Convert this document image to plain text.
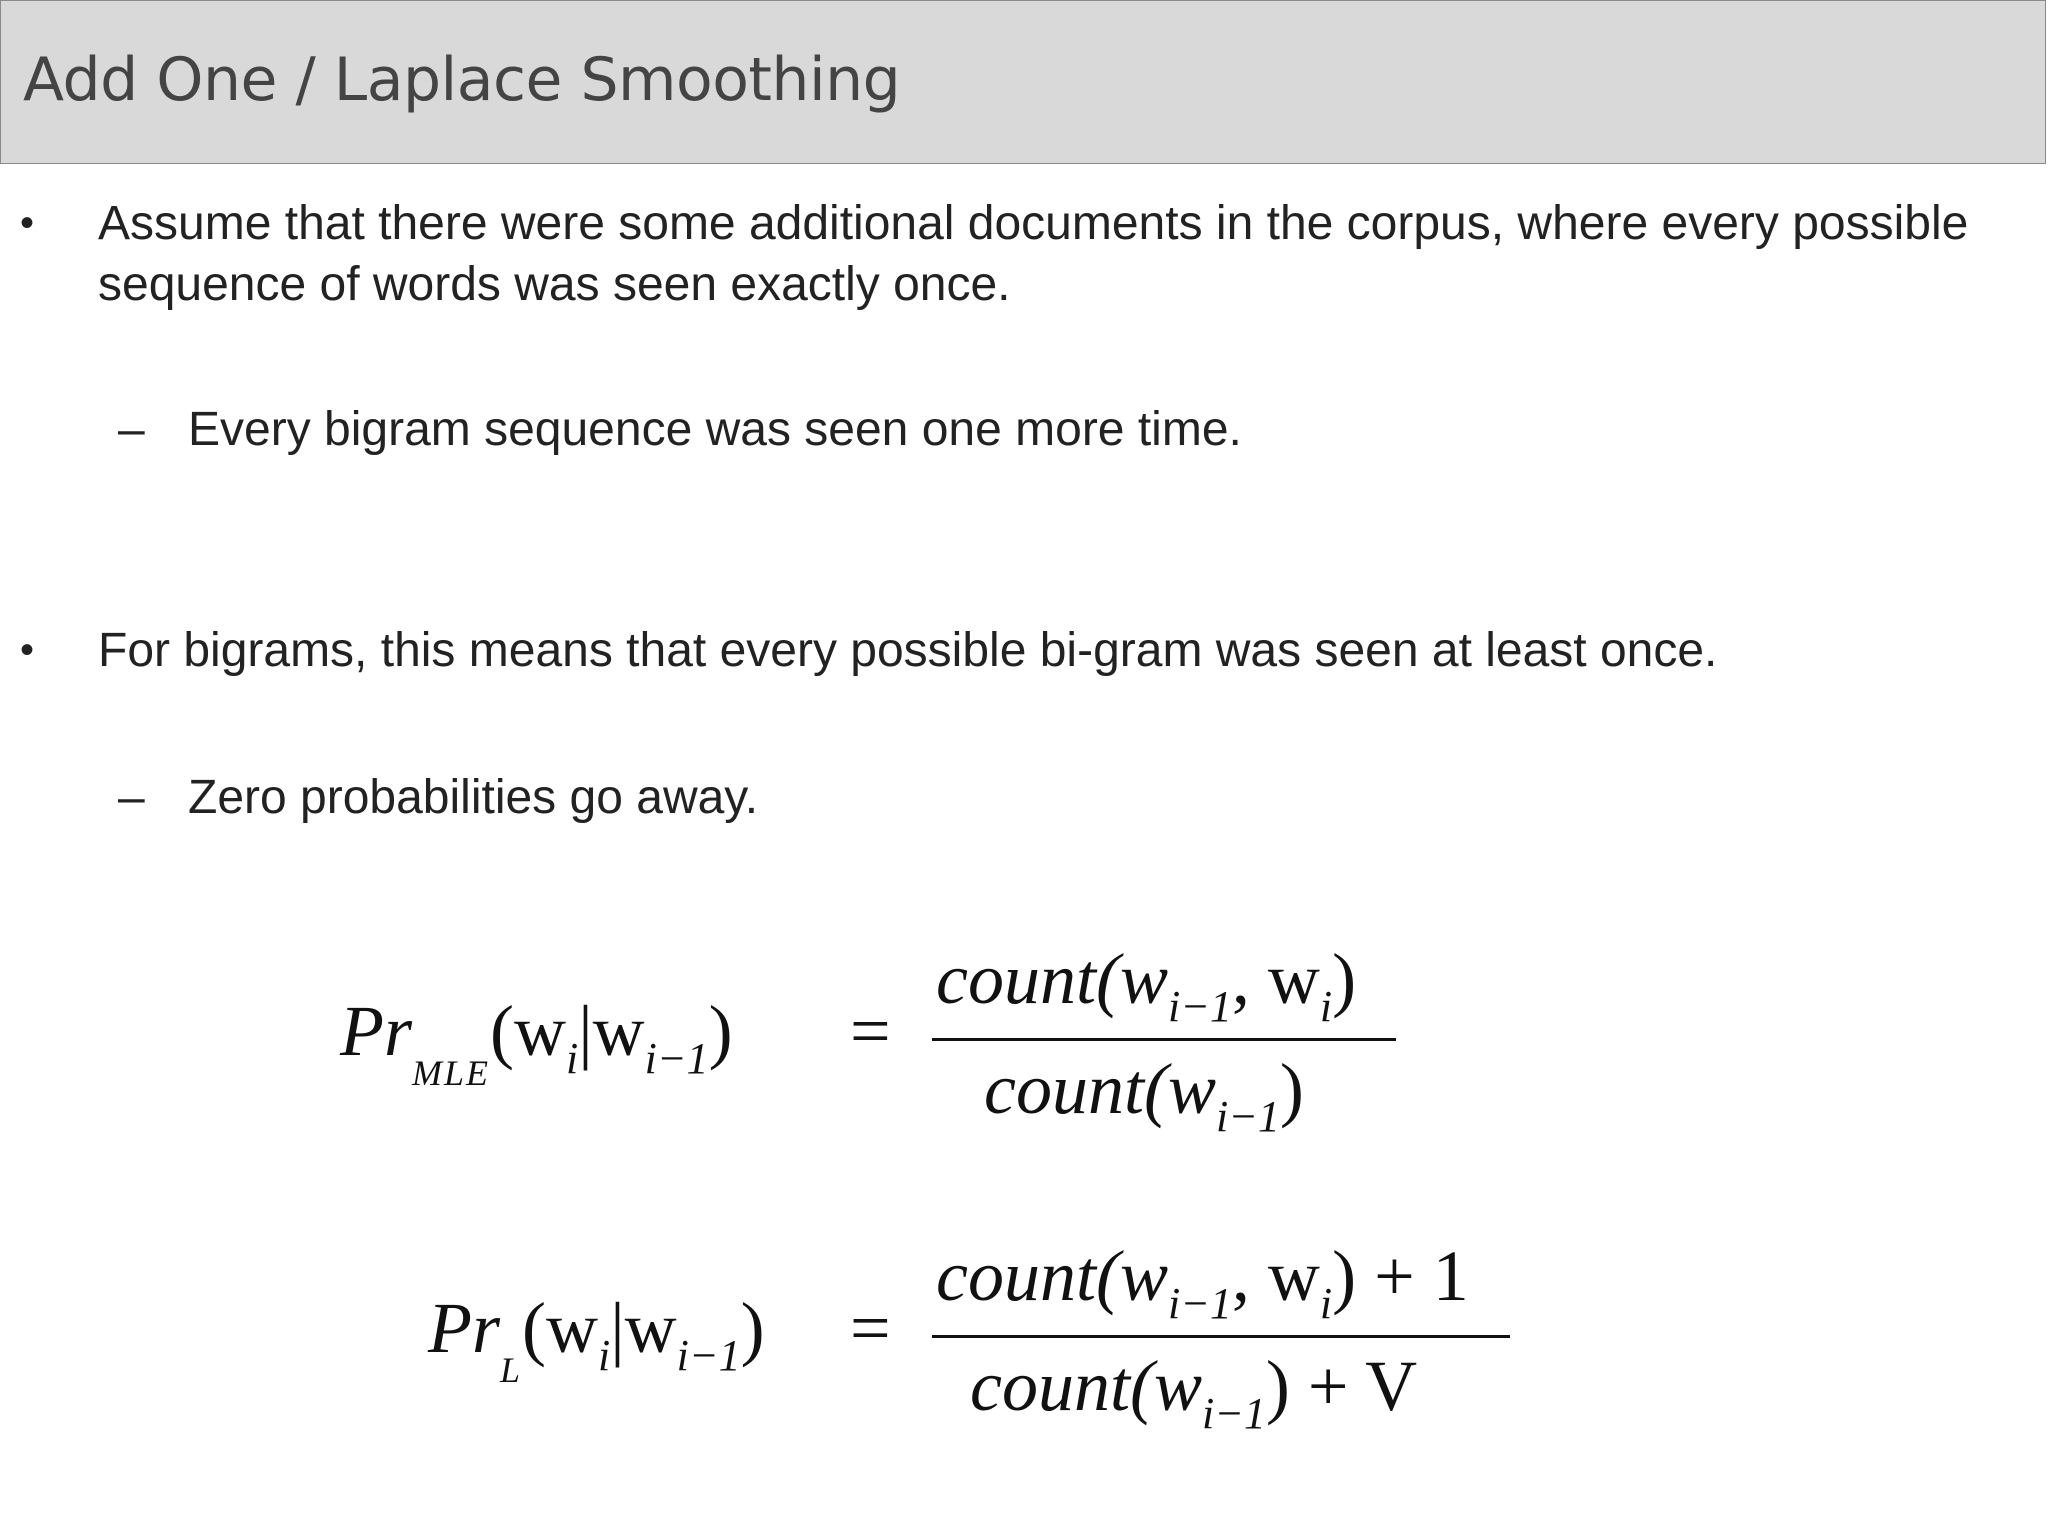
Add One / Laplace Smoothing
• Assume that there were some additional documents in the corpus, where every possible sequence of words was seen exactly once.
– Every bigram sequence was seen one more time.
• For bigrams, this means that every possible bi-gram was seen at least once.
– Zero probabilities go away.
$Pr_{MLE}(w_i|w_{i-1})$ =
$count(w_{i-1}$, $w_i$)
$count(w_{i-1})$
$Pr_L(w_i|w_{i-1})$ =
$count(w_{i-1}$, $w_i) + 1$
$count(w_{i-1}) + V$
